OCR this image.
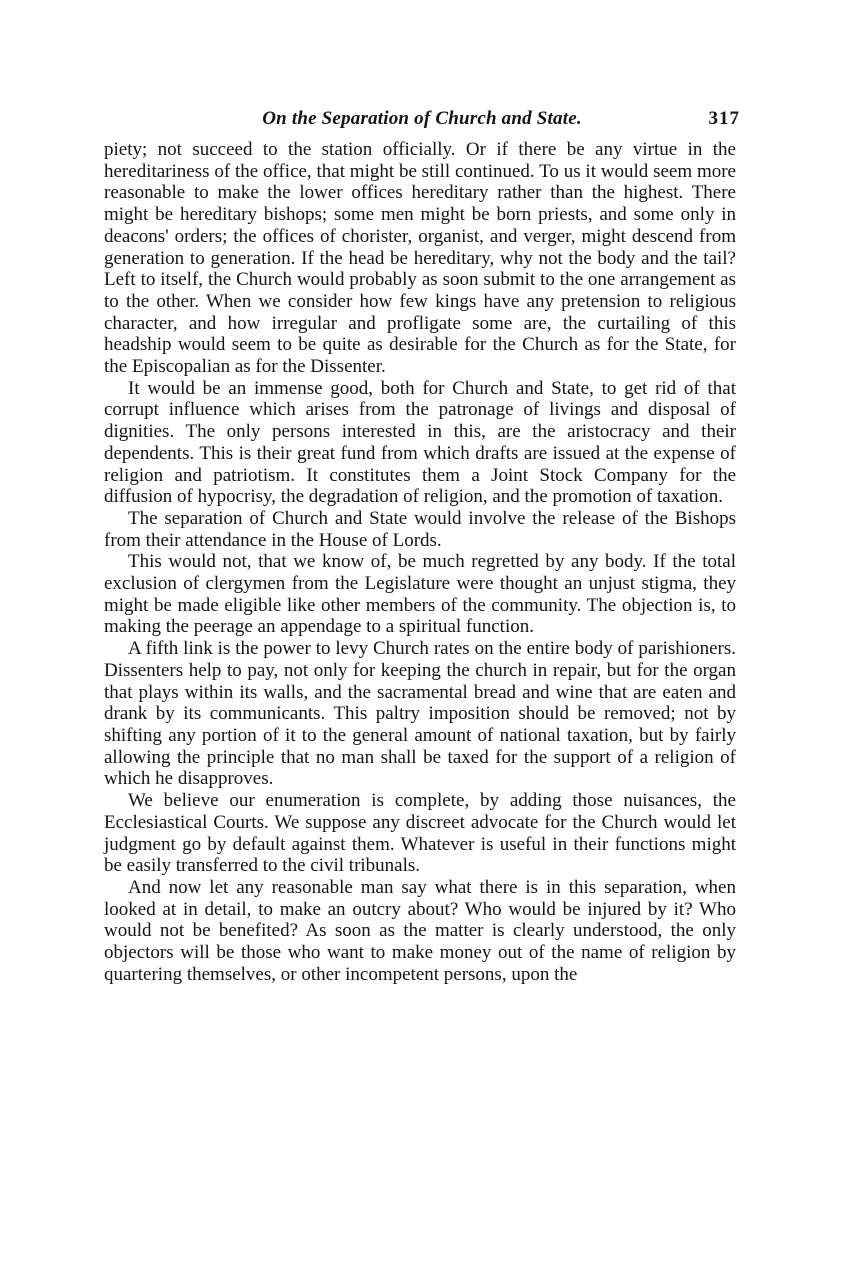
On the Separation of Church and State.	317

piety; not succeed to the station officially. Or if there be any virtue in the hereditariness of the office, that might be still continued. To us it would seem more reasonable to make the lower offices hereditary rather than the highest. There might be hereditary bishops; some men might be born priests, and some only in deacons' orders; the offices of chorister, organist, and verger, might descend from generation to generation. If the head be hereditary, why not the body and the tail? Left to itself, the Church would probably as soon submit to the one arrangement as to the other. When we consider how few kings have any pretension to religious character, and how irregular and profligate some are, the curtailing of this headship would seem to be quite as desirable for the Church as for the State, for the Episcopalian as for the Dissenter.

It would be an immense good, both for Church and State, to get rid of that corrupt influence which arises from the patronage of livings and disposal of dignities. The only persons interested in this, are the aristocracy and their dependents. This is their great fund from which drafts are issued at the expense of religion and patriotism. It constitutes them a Joint Stock Company for the diffusion of hypocrisy, the degradation of religion, and the promotion of taxation.

The separation of Church and State would involve the release of the Bishops from their attendance in the House of Lords.

This would not, that we know of, be much regretted by any body. If the total exclusion of clergymen from the Legislature were thought an unjust stigma, they might be made eligible like other members of the community. The objection is, to making the peerage an appendage to a spiritual function.

A fifth link is the power to levy Church rates on the entire body of parishioners. Dissenters help to pay, not only for keeping the church in repair, but for the organ that plays within its walls, and the sacramental bread and wine that are eaten and drank by its communicants. This paltry imposition should be removed; not by shifting any portion of it to the general amount of national taxation, but by fairly allowing the principle that no man shall be taxed for the support of a religion of which he disapproves.

We believe our enumeration is complete, by adding those nuisances, the Ecclesiastical Courts. We suppose any discreet advocate for the Church would let judgment go by default against them. Whatever is useful in their functions might be easily transferred to the civil tribunals.

And now let any reasonable man say what there is in this separation, when looked at in detail, to make an outcry about? Who would be injured by it? Who would not be benefited? As soon as the matter is clearly understood, the only objectors will be those who want to make money out of the name of religion by quartering themselves, or other incompetent persons, upon the
